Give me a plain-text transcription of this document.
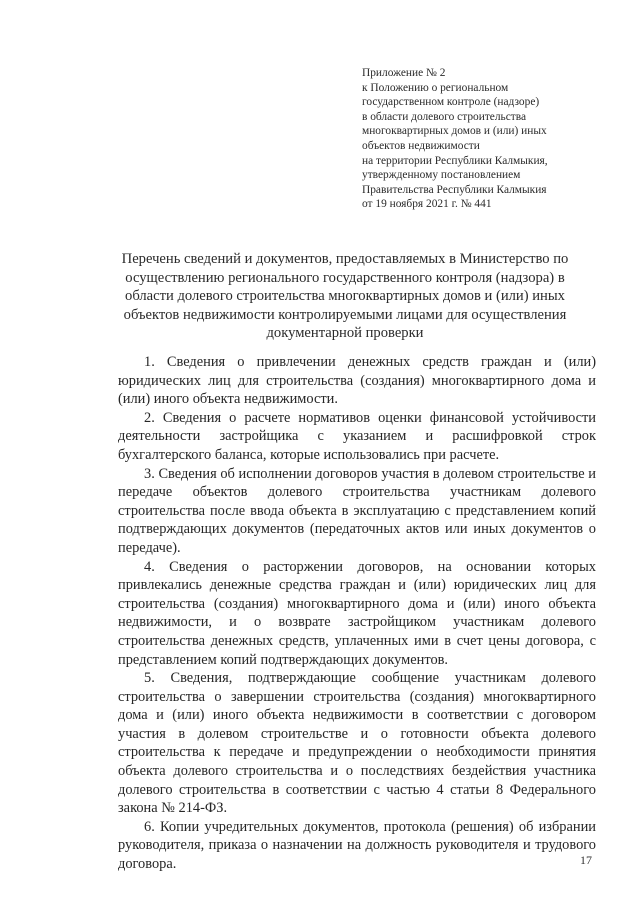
Приложение № 2
к Положению о региональном
государственном контроле (надзоре)
в области долевого строительства
многоквартирных домов и (или) иных
объектов недвижимости
на территории Республики Калмыкия,
утвержденному постановлением
Правительства Республики Калмыкия
от 19 ноября 2021 г. № 441
Перечень сведений и документов, предоставляемых в Министерство по
осуществлению регионального государственного контроля (надзора) в
области долевого строительства многоквартирных домов и (или) иных
объектов недвижимости контролируемыми лицами для осуществления
документарной проверки

1. Сведения о привлечении денежных средств граждан и (или) юридических лиц для строительства (создания) многоквартирного дома и (или) иного объекта недвижимости.

2. Сведения о расчете нормативов оценки финансовой устойчивости деятельности застройщика с указанием и расшифровкой строк бухгалтерского баланса, которые использовались при расчете.

3. Сведения об исполнении договоров участия в долевом строительстве и передаче объектов долевого строительства участникам долевого строительства после ввода объекта в эксплуатацию с представлением копий подтверждающих документов (передаточных актов или иных документов о передаче).

4. Сведения о расторжении договоров, на основании которых привлекались денежные средства граждан и (или) юридических лиц для строительства (создания) многоквартирного дома и (или) иного объекта недвижимости, и о возврате застройщиком участникам долевого строительства денежных средств, уплаченных ими в счет цены договора, с представлением копий подтверждающих документов.

5. Сведения, подтверждающие сообщение участникам долевого строительства о завершении строительства (создания) многоквартирного дома и (или) иного объекта недвижимости в соответствии с договором участия в долевом строительстве и о готовности объекта долевого строительства к передаче и предупреждении о необходимости принятия объекта долевого строительства и о последствиях бездействия участника долевого строительства в соответствии с частью 4 статьи 8 Федерального закона № 214-ФЗ.

6. Копии учредительных документов, протокола (решения) об избрании руководителя, приказа о назначении на должность руководителя и трудового договора.	17
